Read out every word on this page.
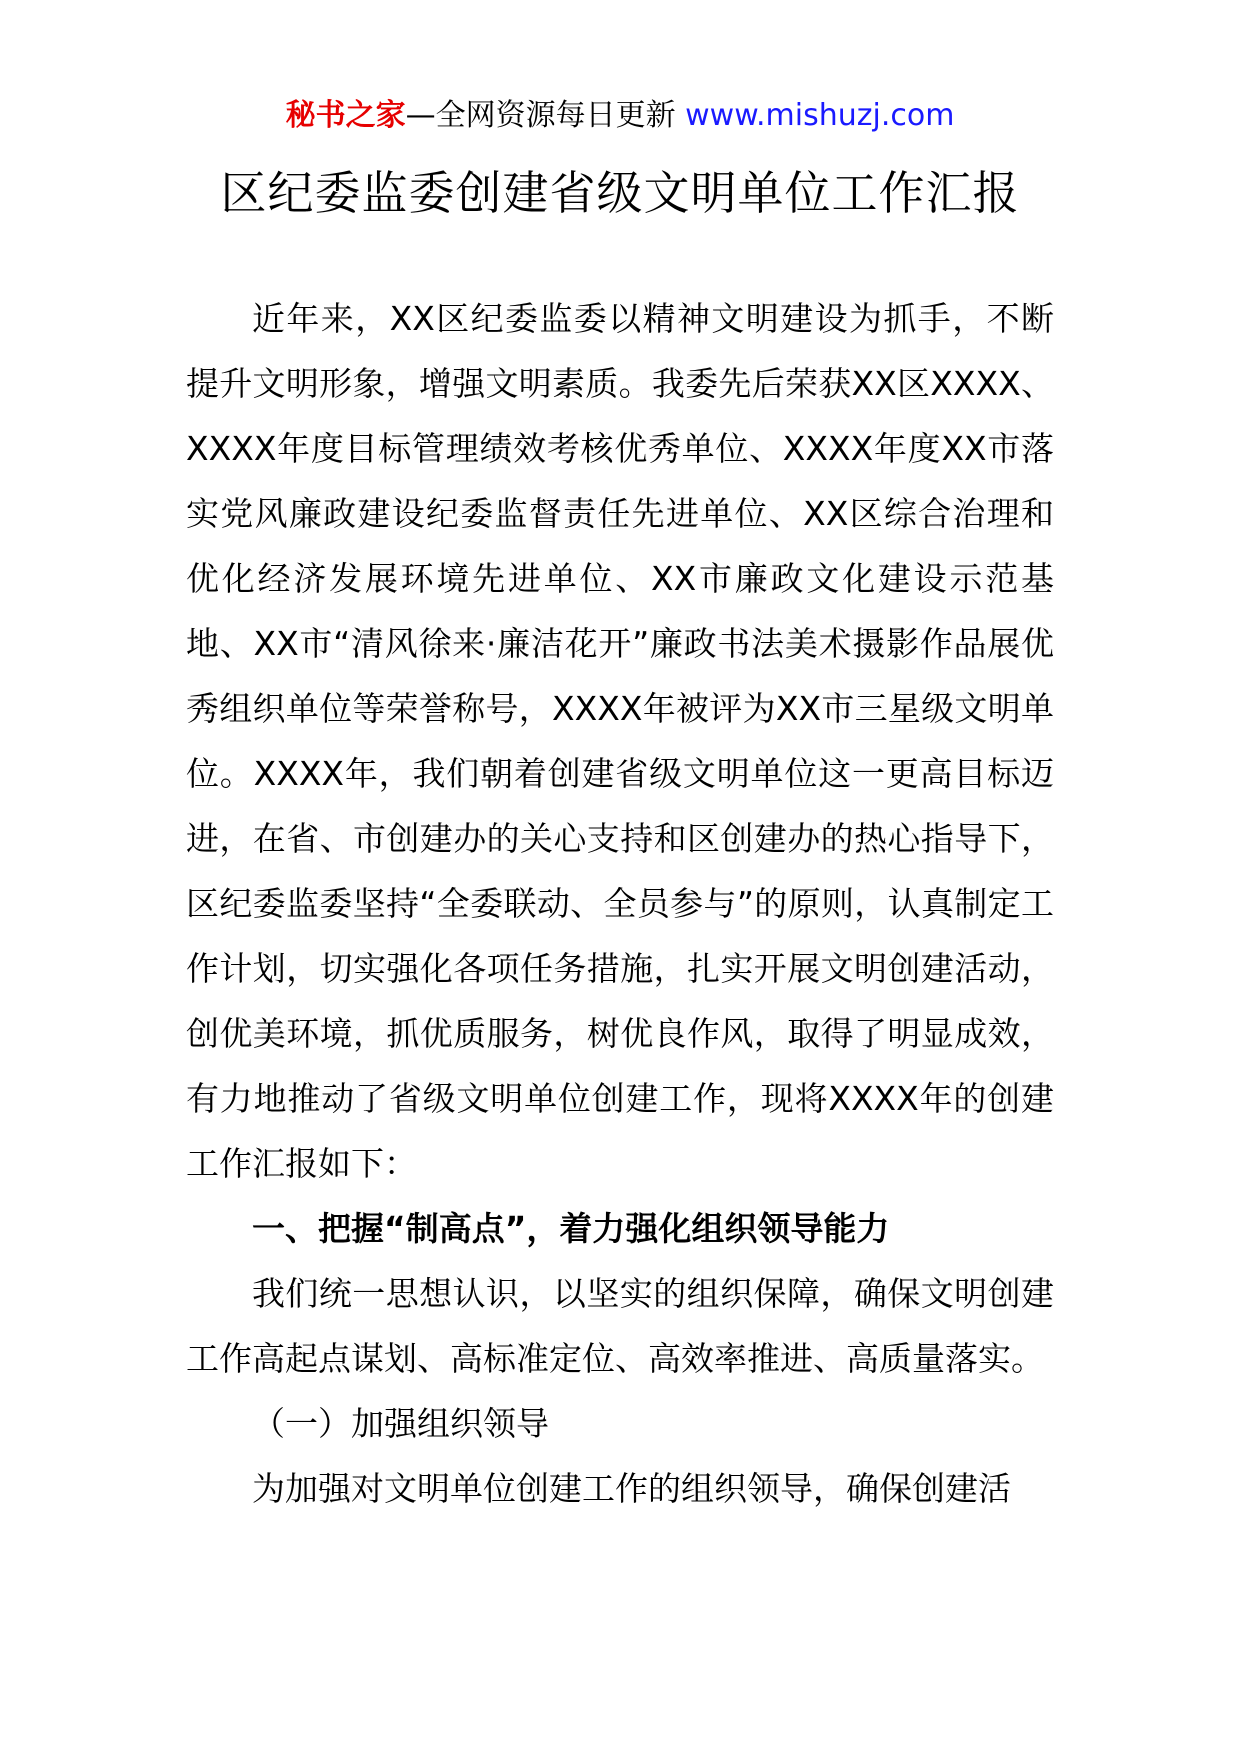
秘书之家—全网资源每日更新 www.mishuzj.com
区纪委监委创建省级文明单位工作汇报

近年来，XX区纪委监委以精神文明建设为抓手，不断提升文明形象，增强文明素质。我委先后荣获XX区XXXX、XXXX年度目标管理绩效考核优秀单位、XXXX年度XX市落实党风廉政建设纪委监督责任先进单位、XX区综合治理和优化经济发展环境先进单位、XX市廉政文化建设示范基地、XX市“清风徐来·廉洁花开”廉政书法美术摄影作品展优秀组织单位等荣誉称号，XXXX年被评为XX市三星级文明单位。XXXX年，我们朝着创建省级文明单位这一更高目标迈进，在省、市创建办的关心支持和区创建办的热心指导下，区纪委监委坚持“全委联动、全员参与”的原则，认真制定工作计划，切实强化各项任务措施，扎实开展文明创建活动，创优美环境，抓优质服务，树优良作风，取得了明显成效，有力地推动了省级文明单位创建工作，现将XXXX年的创建工作汇报如下：

一、把握“制高点”，着力强化组织领导能力

我们统一思想认识，以坚实的组织保障，确保文明创建工作高起点谋划、高标准定位、高效率推进、高质量落实。

（一）加强组织领导

为加强对文明单位创建工作的组织领导，确保创建活
